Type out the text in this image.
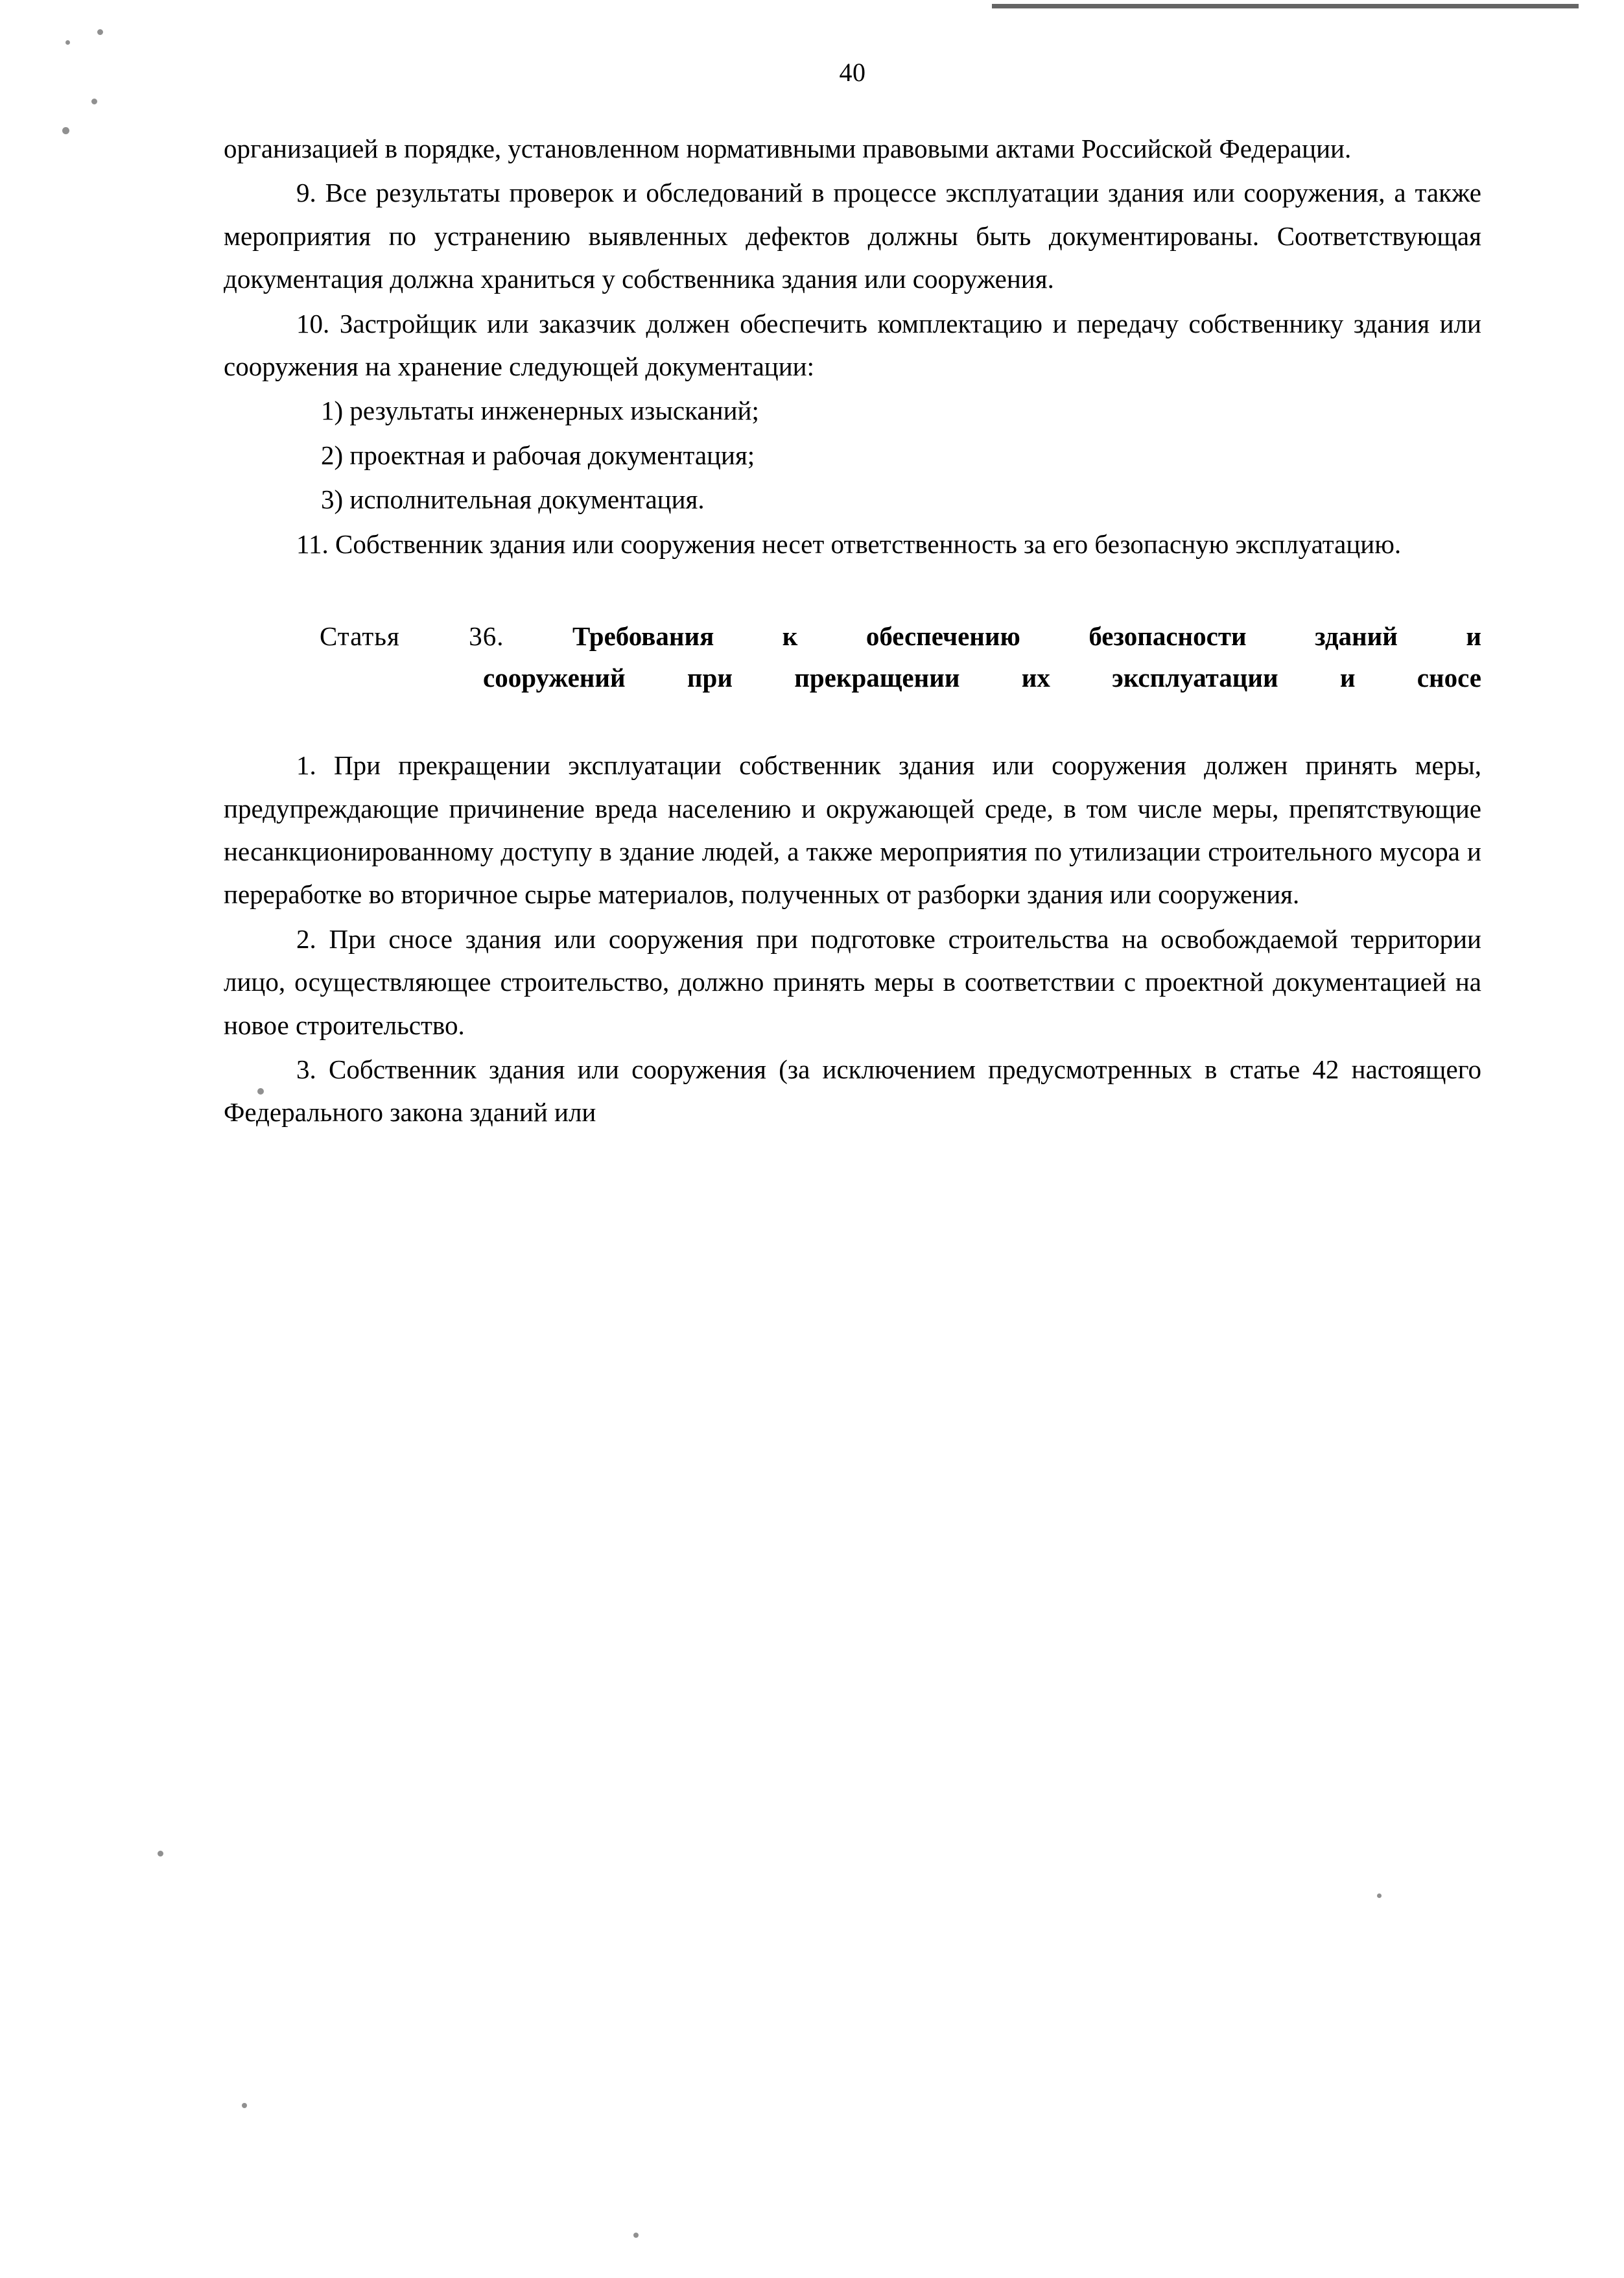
40

организацией в порядке, установленном нормативными правовыми актами Российской Федерации.

9. Все результаты проверок и обследований в процессе эксплуатации здания или сооружения, а также мероприятия по устранению выявленных дефектов должны быть документированы. Соответствующая документация должна храниться у собственника здания или сооружения.

10. Застройщик или заказчик должен обеспечить комплектацию и передачу собственнику здания или сооружения на хранение следующей документации:

1) результаты инженерных изысканий;

2) проектная и рабочая документация;

3) исполнительная документация.

11. Собственник здания или сооружения несет ответственность за его безопасную эксплуатацию.

Статья 36.	Требования к обеспечению безопасности зданий и
сооружений при прекращении их эксплуатации и сносе

1. При прекращении эксплуатации собственник здания или сооружения должен принять меры, предупреждающие причинение вреда населению и окружающей среде, в том числе меры, препятствующие несанкционированному доступу в здание людей, а также мероприятия по утилизации строительного мусора и переработке во вторичное сырье материалов, полученных от разборки здания или сооружения.

2. При сносе здания или сооружения при подготовке строительства на освобождаемой территории лицо, осуществляющее строительство, должно принять меры в соответствии с проектной документацией на новое строительство.

3. Собственник здания или сооружения (за исключением предусмотренных в статье 42 настоящего Федерального закона зданий или
